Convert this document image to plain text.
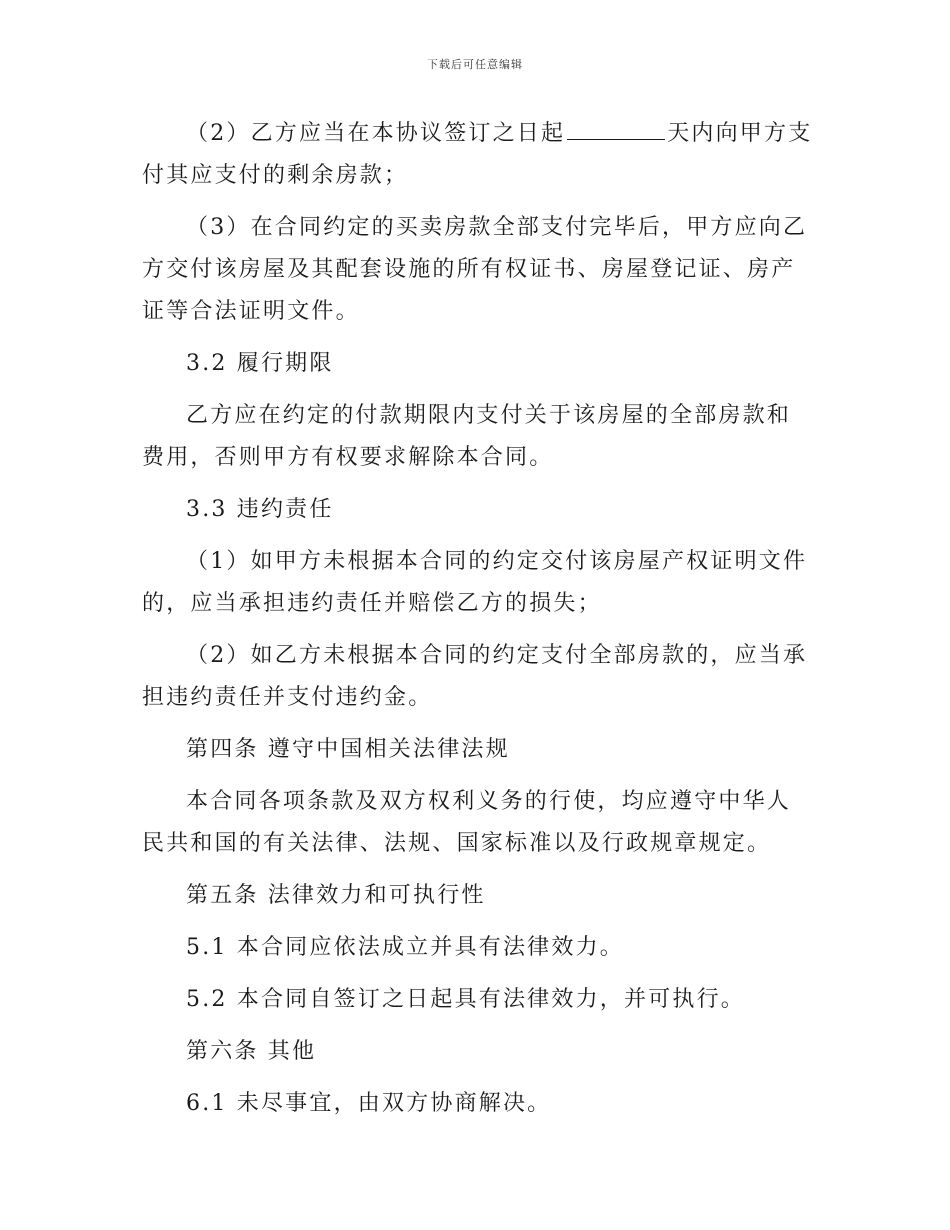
下载后可任意编辑

（2）乙方应当在本协议签订之日起	天内向甲方支付其应支付的剩余房款；

（3）在合同约定的买卖房款全部支付完毕后，甲方应向乙方交付该房屋及其配套设施的所有权证书、房屋登记证、房产证等合法证明文件。

3.2 履行期限

乙方应在约定的付款期限内支付关于该房屋的全部房款和费用，否则甲方有权要求解除本合同。

3.3 违约责任

（1）如甲方未根据本合同的约定交付该房屋产权证明文件的，应当承担违约责任并赔偿乙方的损失；

（2）如乙方未根据本合同的约定支付全部房款的，应当承担违约责任并支付违约金。

第四条 遵守中国相关法律法规

本合同各项条款及双方权利义务的行使，均应遵守中华人民共和国的有关法律、法规、国家标准以及行政规章规定。

第五条 法律效力和可执行性

5.1 本合同应依法成立并具有法律效力。

5.2 本合同自签订之日起具有法律效力，并可执行。

第六条 其他

6.1 未尽事宜，由双方协商解决。
